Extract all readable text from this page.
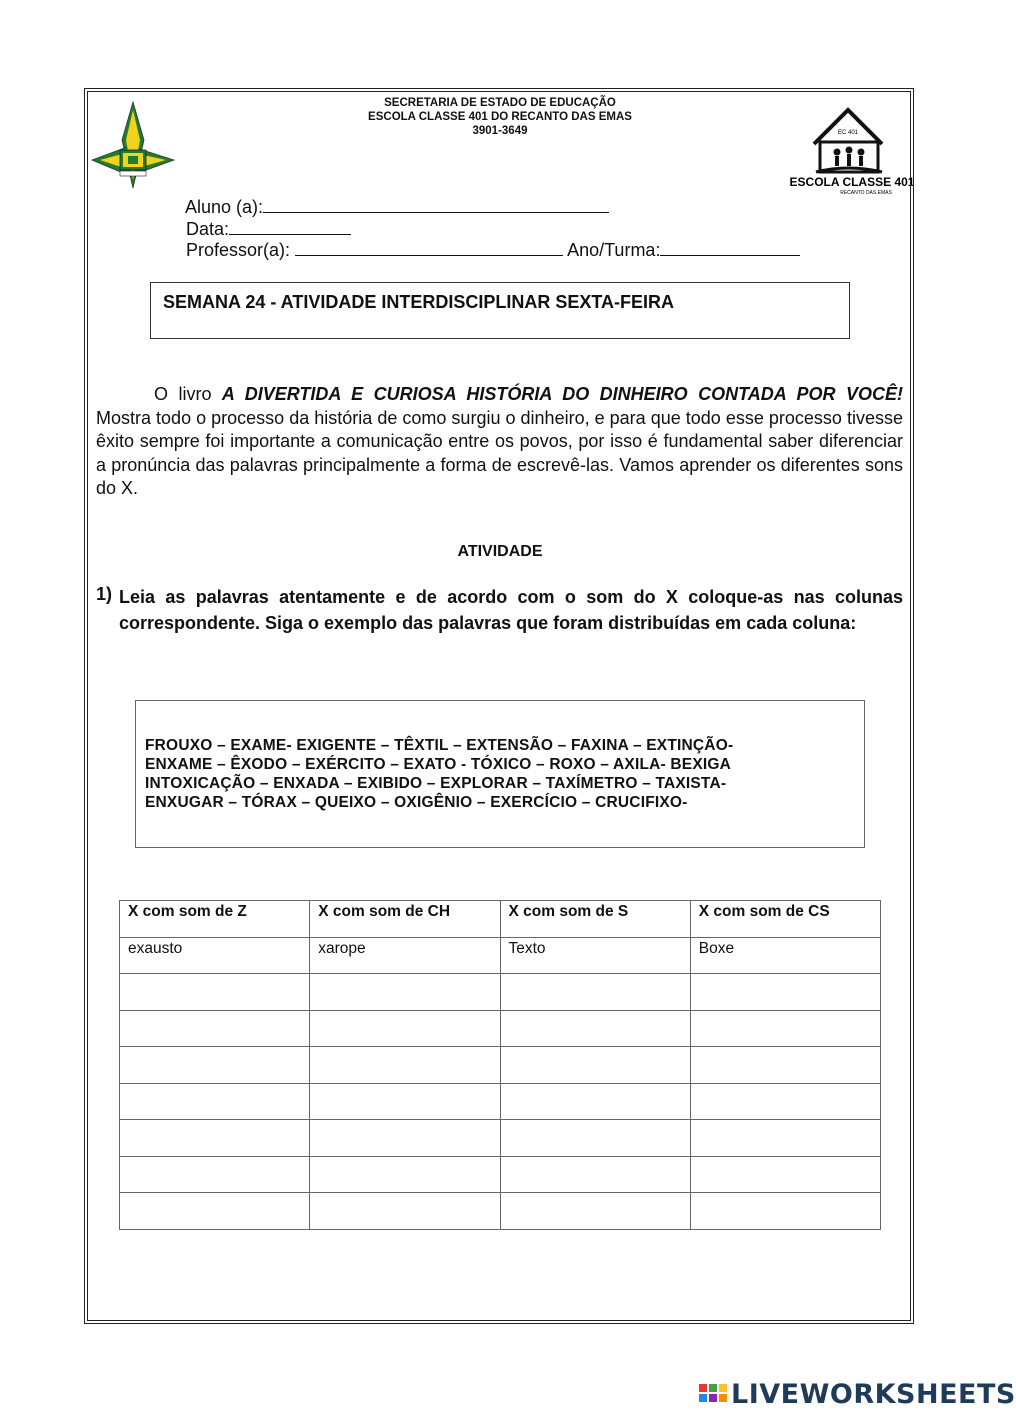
EC 401
ESCOLA CLASSE 401
RECANTO DAS EMAS
SECRETARIA DE ESTADO DE EDUCAÇÃO
ESCOLA CLASSE 401 DO RECANTO DAS EMAS
3901-3649

Aluno (a):
Data:

Professor(a):	Ano/Turma:

SEMANA 24 - ATIVIDADE INTERDISCIPLINAR SEXTA-FEIRA
O livro A DIVERTIDA E CURIOSA HISTÓRIA DO DINHEIRO CONTADA POR VOCÊ! Mostra todo o processo da história de como surgiu o dinheiro, e para que todo esse processo tivesse êxito sempre foi importante a comunicação entre os povos, por isso é fundamental saber diferenciar a pronúncia das palavras principalmente a forma de escrevê-las. Vamos aprender os diferentes sons do X.
ATIVIDADE
1) Leia as palavras atentamente e de acordo com o som do X coloque-as nas colunas correspondente. Siga o exemplo das palavras que foram distribuídas em cada coluna:
FROUXO – EXAME- EXIGENTE – TÊXTIL – EXTENSÃO – FAXINA – EXTINÇÃO-
ENXAME – ÊXODO – EXÉRCITO – EXATO - TÓXICO – ROXO – AXILA- BEXIGA
INTOXICAÇÃO – ENXADA – EXIBIDO – EXPLORAR – TAXÍMETRO – TAXISTA-
ENXUGAR – TÓRAX – QUEIXO – OXIGÊNIO – EXERCÍCIO – CRUCIFIXO-
X com som de Z	X com som de CH	X com som de S	X com som de CS
exausto	xarope	Texto	Boxe

LIVEWORKSHEETS
